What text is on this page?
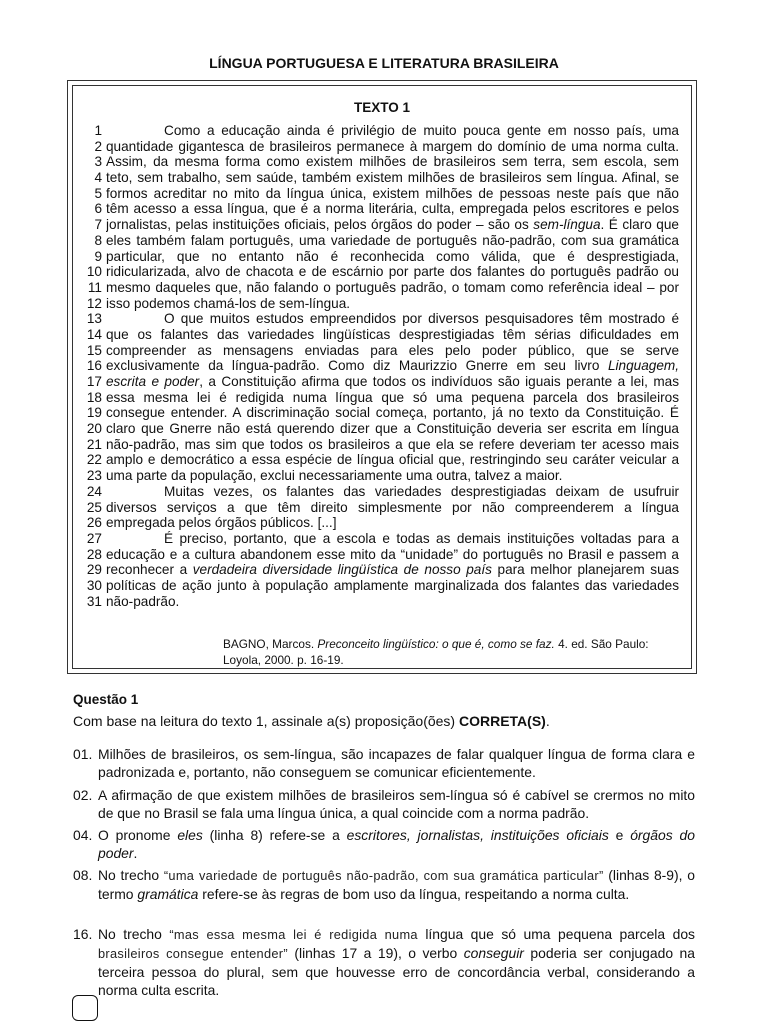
LÍNGUA PORTUGUESA E LITERATURA BRASILEIRA
TEXTO 1
1	Como a educação ainda é privilégio de muito pouca gente em nosso país, uma
2 quantidade gigantesca de brasileiros permanece à margem do domínio de uma norma culta.
3 Assim, da mesma forma como existem milhões de brasileiros sem terra, sem escola, sem
4 teto, sem trabalho, sem saúde, também existem milhões de brasileiros sem língua. Afinal, se
5 formos acreditar no mito da língua única, existem milhões de pessoas neste país que não
6 têm acesso a essa língua, que é a norma literária, culta, empregada pelos escritores e pelos
7 jornalistas, pelas instituições oficiais, pelos órgãos do poder – são os sem-língua. É claro que
8 eles também falam português, uma variedade de português não-padrão, com sua gramática
9 particular, que no entanto não é reconhecida como válida, que é desprestigiada,
10 ridicularizada, alvo de chacota e de escárnio por parte dos falantes do português padrão ou
11 mesmo daqueles que, não falando o português padrão, o tomam como referência ideal – por
12 isso podemos chamá-los de sem-língua.
13	O que muitos estudos empreendidos por diversos pesquisadores têm mostrado é
14 que os falantes das variedades lingüísticas desprestigiadas têm sérias dificuldades em
15 compreender as mensagens enviadas para eles pelo poder público, que se serve
16 exclusivamente da língua-padrão. Como diz Maurizzio Gnerre em seu livro Linguagem,
17 escrita e poder, a Constituição afirma que todos os indivíduos são iguais perante a lei, mas
18 essa mesma lei é redigida numa língua que só uma pequena parcela dos brasileiros
19 consegue entender. A discriminação social começa, portanto, já no texto da Constituição. É
20 claro que Gnerre não está querendo dizer que a Constituição deveria ser escrita em língua
21 não-padrão, mas sim que todos os brasileiros a que ela se refere deveriam ter acesso mais
22 amplo e democrático a essa espécie de língua oficial que, restringindo seu caráter veicular a
23 uma parte da população, exclui necessariamente uma outra, talvez a maior.
24	Muitas vezes, os falantes das variedades desprestigiadas deixam de usufruir
25 diversos serviços a que têm direito simplesmente por não compreenderem a língua
26 empregada pelos órgãos públicos. [...]
27	É preciso, portanto, que a escola e todas as demais instituições voltadas para a
28 educação e a cultura abandonem esse mito da “unidade” do português no Brasil e passem a
29 reconhecer a verdadeira diversidade lingüística de nosso país para melhor planejarem suas
30 políticas de ação junto à população amplamente marginalizada dos falantes das variedades
31 não-padrão.
BAGNO, Marcos. Preconceito lingüístico: o que é, como se faz. 4. ed. São Paulo:
Loyola, 2000. p. 16-19.
Questão 1
Com base na leitura do texto 1, assinale a(s) proposição(ões) CORRETA(S).
01. Milhões de brasileiros, os sem-língua, são incapazes de falar qualquer língua de forma clara e padronizada e, portanto, não conseguem se comunicar eficientemente.
02. A afirmação de que existem milhões de brasileiros sem-língua só é cabível se crermos no mito de que no Brasil se fala uma língua única, a qual coincide com a norma padrão.
04. O pronome eles (linha 8) refere-se a escritores, jornalistas, instituições oficiais e órgãos do poder.
08. No trecho “uma variedade de português não-padrão, com sua gramática particular” (linhas 8-9), o termo gramática refere-se às regras de bom uso da língua, respeitando a norma culta.
16. No trecho “mas essa mesma lei é redigida numa língua que só uma pequena parcela dos brasileiros consegue entender” (linhas 17 a 19), o verbo conseguir poderia ser conjugado na terceira pessoa do plural, sem que houvesse erro de concordância verbal, considerando a norma culta escrita.
